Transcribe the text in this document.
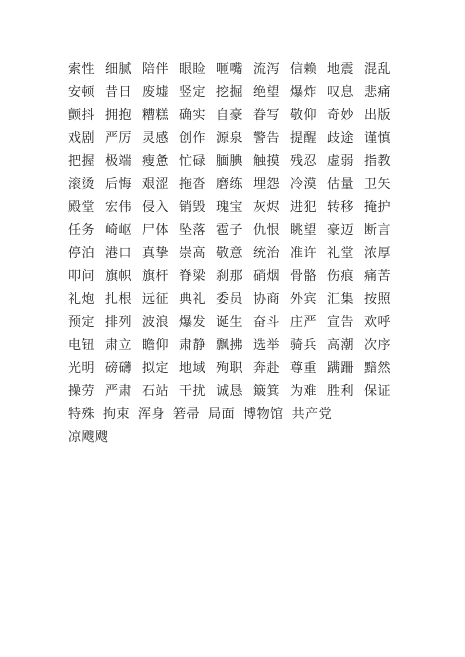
索性 细腻 陪伴 眼睑 咂嘴 流泻 信赖 地震 混乱
安顿 昔日 废墟 竖定 挖掘 绝望 爆炸 叹息 悲痛
颤抖 拥抱 糟糕 确实 自豪 眷写 敬仰 奇妙 出版
戏剧 严厉 灵感 创作 源泉 警告 提醒 歧途 谨慎
把握 极端 瘦惫 忙碌 腼腆 触摸 残忍 虚弱 指教
滚烫 后悔 艰涩 拖沓 磨练 埋怨 冷漠 估量 卫矢
殿堂 宏伟 侵入 销毁 瑰宝 灰烬 进犯 转移 掩护
任务 崎岖 尸体 坠落 雹子 仇恨 眺望 豪迈 断言
停泊 港口 真挚 崇高 敬意 统治 准许 礼堂 浓厚
叩问 旗帜 旗杆 脊梁 刹那 硝烟 骨骼 伤痕 痛苦
礼炮 扎根 远征 典礼 委员 协商 外宾 汇集 按照
预定 排列 波浪 爆发 诞生 奋斗 庄严 宣告 欢呼
电钮 肃立 瞻仰 肃静 飘拂 选举 骑兵 高潮 次序
光明 磅礴 拟定 地域 殉职 奔赴 尊重 蹒跚 黯然
操劳 严肃 石站 干扰 诚恳 簸箕 为难 胜利 保证
特殊 拘束 浑身 箬帚 局面 博物馆 共产党
凉飕飕
